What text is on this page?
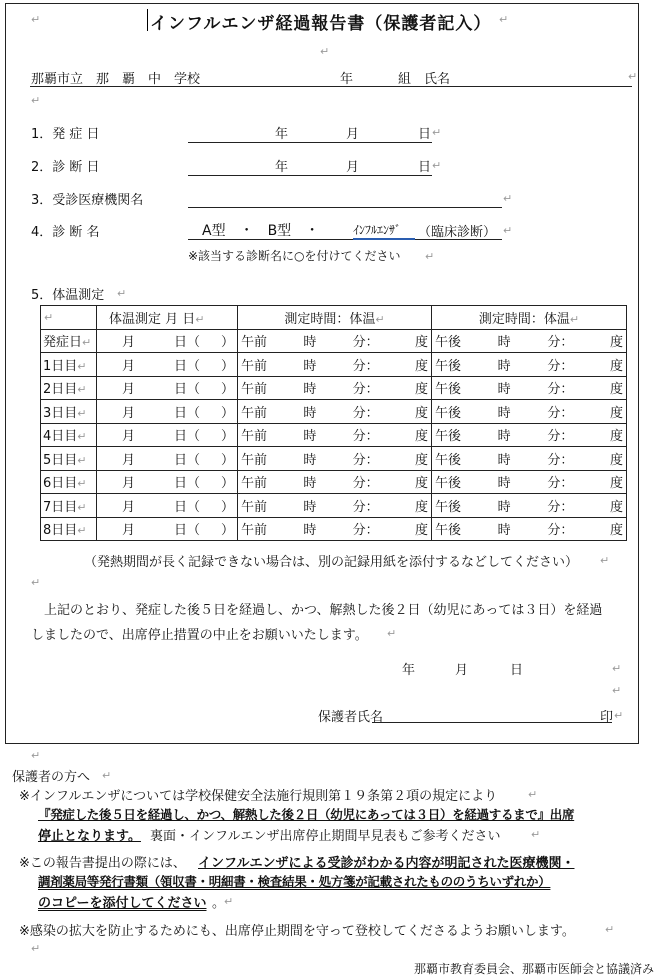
インフルエンザ経過報告書（保護者記入） ↵
↵
↵
那覇市立　那　覇　中　学校	年	組 氏名	↵
↵
1．発 症 日	年	月	日 ↵
2．診 断 日	年	月	日 ↵
3．受診医療機関名	↵
4．診 断 名	A型　・　B型　・	ｲﾝﾌﾙｴﾝｻﾞ （臨床診断） ↵
※該当する診断名に○を付けてください ↵
5．体温測定 ↵
↵	体温測定 月 日↵	測定時間：体温↵	測定時間：体温↵
発症日↵	月 日（ ）	午前 時 分： 度	午後 時 分： 度

1日目↵	月 日（ ）	午前 時 分： 度	午後 時 分： 度

2日目↵	月 日（ ）	午前 時 分： 度	午後 時 分： 度

3日目↵	月 日（ ）	午前 時 分： 度	午後 時 分： 度

4日目↵	月 日（ ）	午前 時 分： 度	午後 時 分： 度

5日目↵	月 日（ ）	午前 時 分： 度	午後 時 分： 度

6日目↵	月 日（ ）	午前 時 分： 度	午後 時 分： 度

7日目↵	月 日（ ）	午前 時 分： 度	午後 時 分： 度

8日目↵	月 日（ ）	午前 時 分： 度	午後 時 分： 度
（発熱期間が長く記録できない場合は、別の記録用紙を添付するなどしてください） ↵
↵
上記のとおり、発症した後５日を経過し、かつ、解熱した後２日（幼児にあっては３日）を経過
しましたので、出席停止措置の中止をお願いいたします。 ↵
年	月	日	↵
↵
保護者氏名	印 ↵
↵
保護者の方へ ↵
※インフルエンザについては学校保健安全法施行規則第１９条第２項の規定により	↵
『発症した後５日を経過し、かつ、解熱した後２日（幼児にあっては３日）を経過するまで』出席
停止となります。 裏面・インフルエンザ出席停止期間早見表もご参考ください	↵
※この報告書提出の際には、 インフルエンザによる受診がわかる内容が明記された医療機関・
調剤薬局等発行書類（領収書・明細書・検査結果・処方箋が記載されたもののうちいずれか）
のコピーを添付してください 。
↵
※感染の拡大を防止するためにも、出席停止期間を守って登校してくださるようお願いします。	↵
↵
那覇市教育委員会、那覇市医師会と協議済み
